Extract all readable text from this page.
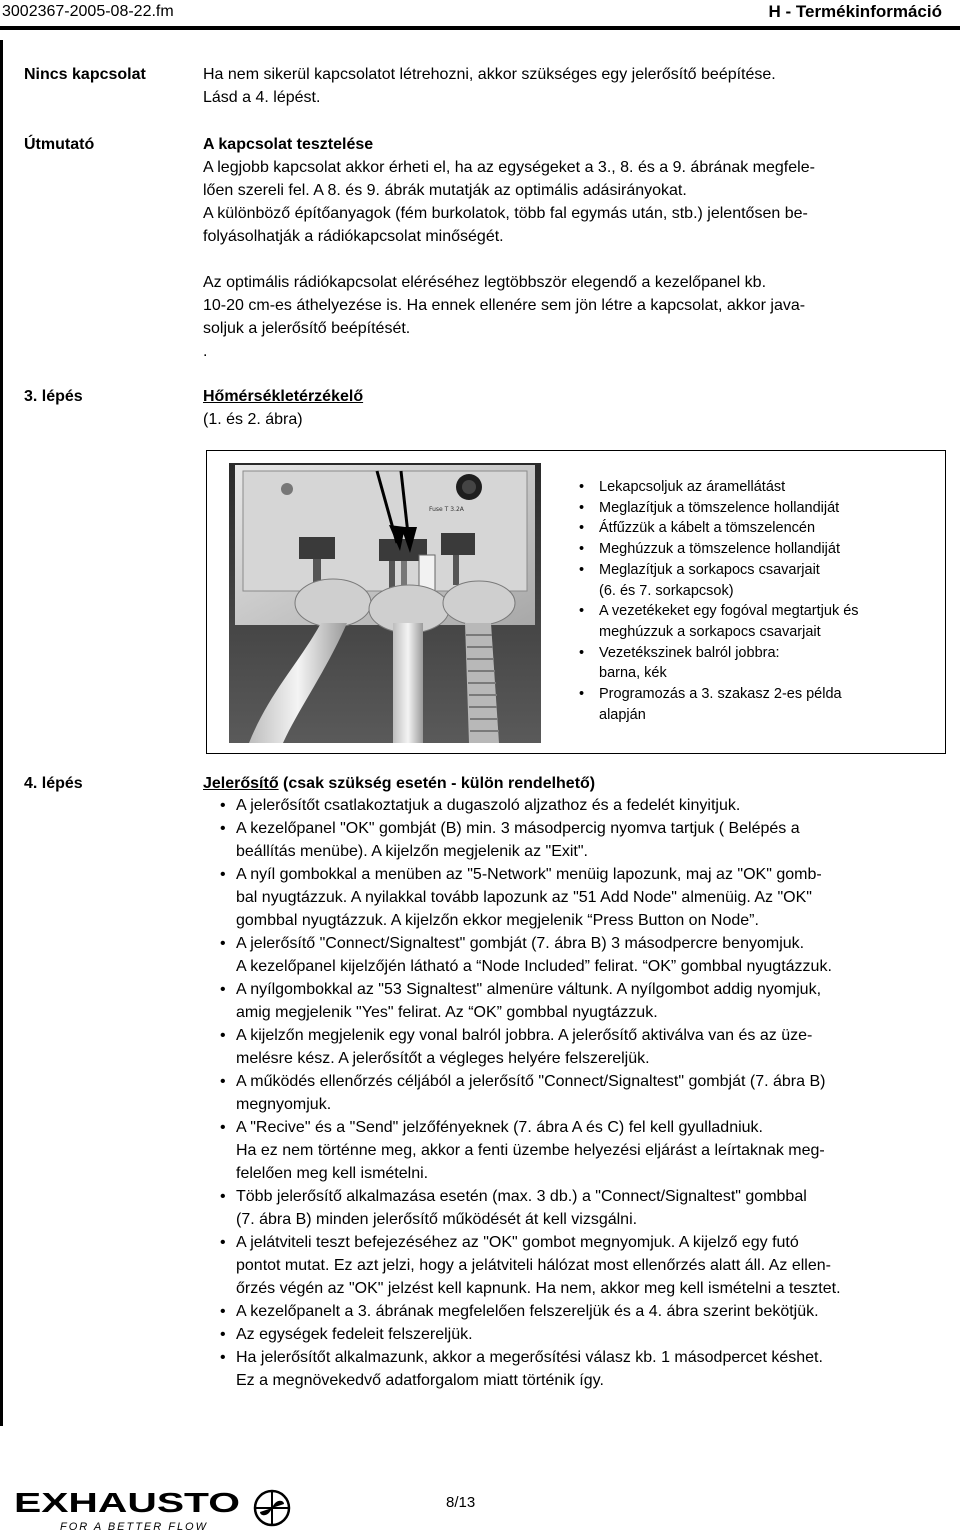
3002367-2005-08-22.fm	H - Termékinformáció
Nincs kapcsolat	Ha nem sikerül kapcsolatot létrehozni, akkor szükséges egy jelerősítő beépítése.

Lásd a 4. lépést.

Útmutató	A kapcsolat tesztelése

A legjobb kapcsolat akkor érheti el, ha az egységeket a 3., 8. és a 9. ábrának megfele-

lően szereli fel. A 8. és 9. ábrák mutatják az optimális adásirányokat.

A különböző építőanyagok (fém burkolatok, több fal egymás után, stb.) jelentősen be-

folyásolhatják a rádiókapcsolat minőségét.

Az optimális rádiókapcsolat eléréséhez legtöbbször elegendő a kezelőpanel kb.

10-20 cm-es áthelyezése is. Ha ennek ellenére sem jön létre a kapcsolat, akkor java-

soljuk a jelerősítő beépítését.

.

3. lépés	Hőmérsékletérzékelő

(1. és 2. ábra)

Fuse T 3.2A
• Lekapcsoljuk az áramellátást
• Meglazítjuk a tömszelence hollandiját
• Átfűzzük a kábelt a tömszelencén
• Meghúzzuk a tömszelence hollandiját
• Meglazítjuk a sorkapocs csavarjait
(6. és 7. sorkapcsok)
• A vezetékeket egy fogóval megtartjuk és
meghúzzuk a sorkapocs csavarjait
• Vezetékszinek balról jobbra:
barna, kék
• Programozás a 3. szakasz 2-es példa
alapján
4. lépés	Jelerősítő (csak szükség esetén - külön rendelhető)

• A jelerősítőt csatlakoztatjuk a dugaszoló aljzathoz és a fedelét kinyitjuk.
• A kezelőpanel "OK" gombját (B) min. 3 másodpercig nyomva tartjuk ( Belépés a
beállítás menübe). A kijelzőn megjelenik az "Exit".
• A nyíl gombokkal a menüben az "5-Network" menüig lapozunk, maj az "OK" gomb-
bal nyugtázzuk. A nyilakkal tovább lapozunk az "51 Add Node" almenüig. Az "OK"
gombbal nyugtázzuk. A kijelzőn ekkor megjelenik “Press Button on Node”.
• A jelerősítő "Connect/Signaltest" gombját (7. ábra B) 3 másodpercre benyomjuk.
A kezelőpanel kijelzőjén látható a “Node Included” felirat. “OK” gombbal nyugtázzuk.
• A nyílgombokkal az "53 Signaltest" almenüre váltunk. A nyílgombot addig nyomjuk,
amig megjelenik "Yes" felirat. Az “OK” gombbal nyugtázzuk.
• A kijelzőn megjelenik egy vonal balról jobbra. A jelerősítő aktiválva van és az üze-
melésre kész. A jelerősítőt a végleges helyére felszereljük.
• A működés ellenőrzés céljából a jelerősítő "Connect/Signaltest" gombját (7. ábra B)
megnyomjuk.
• A "Recive" és a "Send" jelzőfényeknek (7. ábra A és C) fel kell gyulladniuk.
Ha ez nem történne meg, akkor a fenti üzembe helyezési eljárást a leírtaknak meg-
felelően meg kell ismételni.
• Több jelerősítő alkalmazása esetén (max. 3 db.) a "Connect/Signaltest" gombbal
(7. ábra B) minden jelerősítő működését át kell vizsgálni.
• A jelátviteli teszt befejezéséhez az "OK" gombot megnyomjuk. A kijelző egy futó
pontot mutat. Ez azt jelzi, hogy a jelátviteli hálózat most ellenőrzés alatt áll. Az ellen-
őrzés végén az "OK" jelzést kell kapnunk. Ha nem, akkor meg kell ismételni a tesztet.
• A kezelőpanelt a 3. ábrának megfelelően felszereljük és a 4. ábra szerint bekötjük.
• Az egységek fedeleit felszereljük.
• Ha jelerősítőt alkalmazunk, akkor a megerősítési válasz kb. 1 másodpercet késhet.
Ez a megnövekedvő adatforgalom miatt történik így.
EXHAUSTO
FOR A BETTER FLOW
8/13
